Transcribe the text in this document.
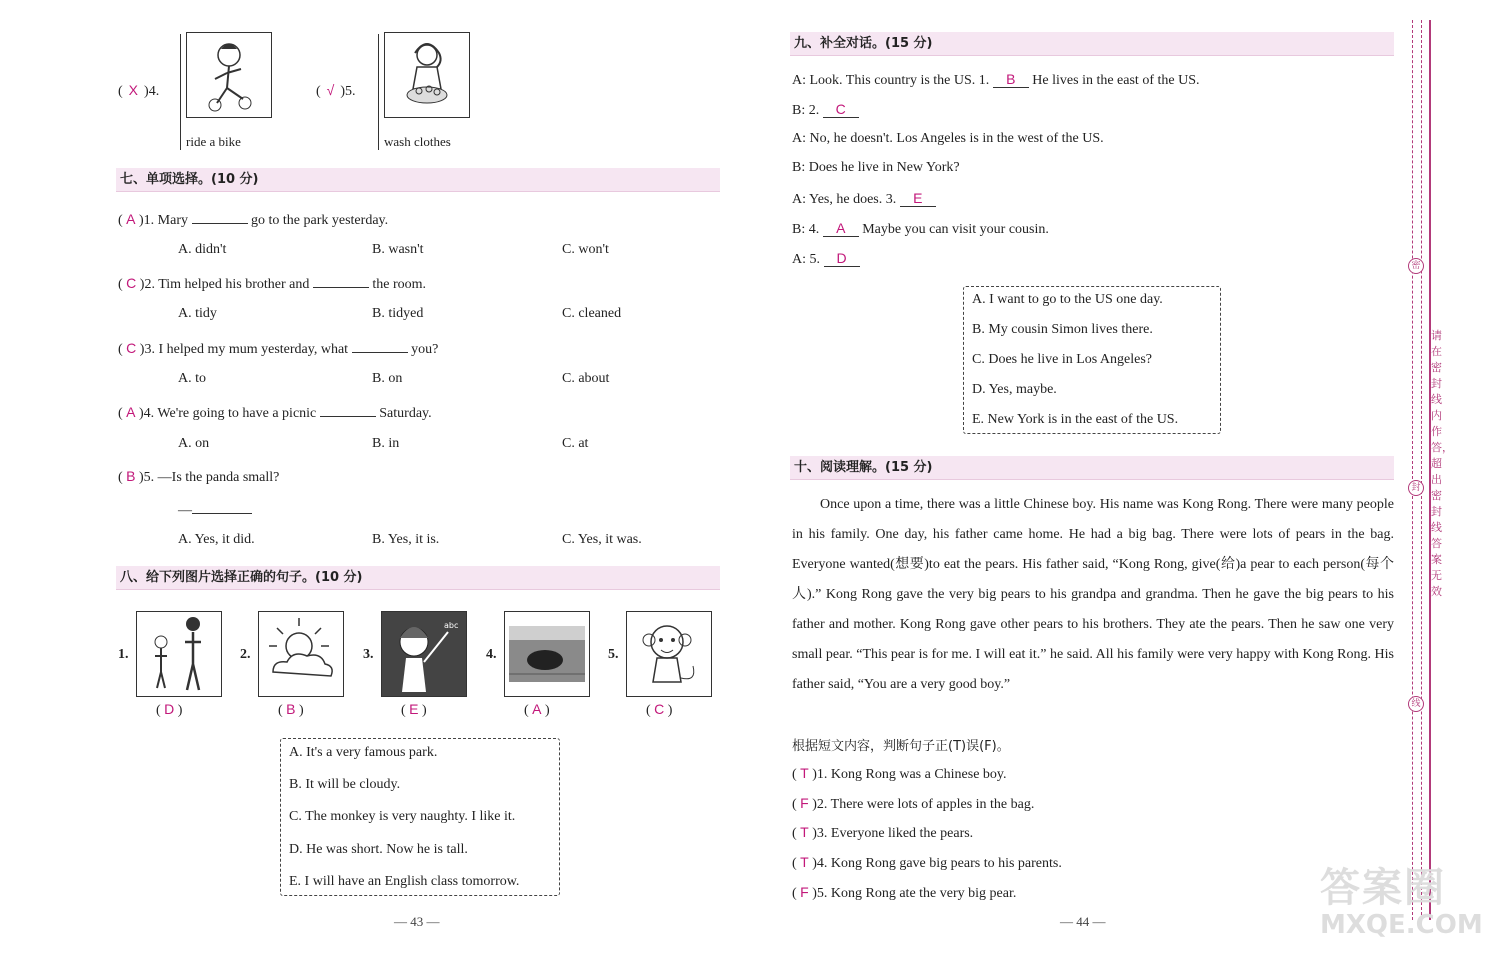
( X )4.
ride a bike
( √ )5.
wash clothes
七、单项选择。(10 分)
( A )1. Mary	go to the park yesterday.
A. didn't	B. wasn't	C. won't
( C )2. Tim helped his brother and	the room.
A. tidy	B. tidyed	C. cleaned
( C )3. I helped my mum yesterday, what	you?
A. to	B. on	C. about
( A )4. We're going to have a picnic	Saturday.
A. on	B. in	C. at
( B )5. —Is the panda small?
—
A. Yes, it did.	B. Yes, it is.	C. Yes, it was.
八、给下列图片选择正确的句子。(10 分)
1.
( D )
2.
( B )
3.
abc
( E )
4.
( A )
5.
( C )
A. It's a very famous park.
B. It will be cloudy.
C. The monkey is very naughty. I like it.
D. He was short. Now he is tall.
E. I will have an English class tomorrow.
— 43 —
九、补全对话。(15 分)
A: Look. This country is the US. 1. B He lives in the east of the US.
B: 2. C
A: No, he doesn't. Los Angeles is in the west of the US.
B: Does he live in New York?
A: Yes, he does. 3. E
B: 4. A Maybe you can visit your cousin.
A: 5. D
A. I want to go to the US one day.
B. My cousin Simon lives there.
C. Does he live in Los Angeles?
D. Yes, maybe.
E. New York is in the east of the US.
十、阅读理解。(15 分)
Once upon a time, there was a little Chinese boy. His name was Kong Rong. There were many people in his family. One day, his father came home. He had a big bag. There were lots of pears in the bag. Everyone wanted(想要)to eat the pears. His father said, “Kong Rong, give(给)a pear to each person(每个人).” Kong Rong gave the very big pears to his grandpa and grandma. Then he gave the big pears to his father and mother. Kong Rong gave other pears to his brothers. They ate the pears. Then he saw one very small pear. “This pear is for me. I will eat it.” he said. All his family were very happy with Kong Rong. His father said, “You are a very good boy.”
根据短文内容，判断句子正(T)误(F)。
( T )1. Kong Rong was a Chinese boy.
( F )2. There were lots of apples in the bag.
( T )3. Everyone liked the pears.
( T )4. Kong Rong gave big pears to his parents.
( F )5. Kong Rong ate the very big pear.
— 44 —
密
封
线
请在密封线内作答，超出密封线答案无效
答案圈
MXQE.COM
